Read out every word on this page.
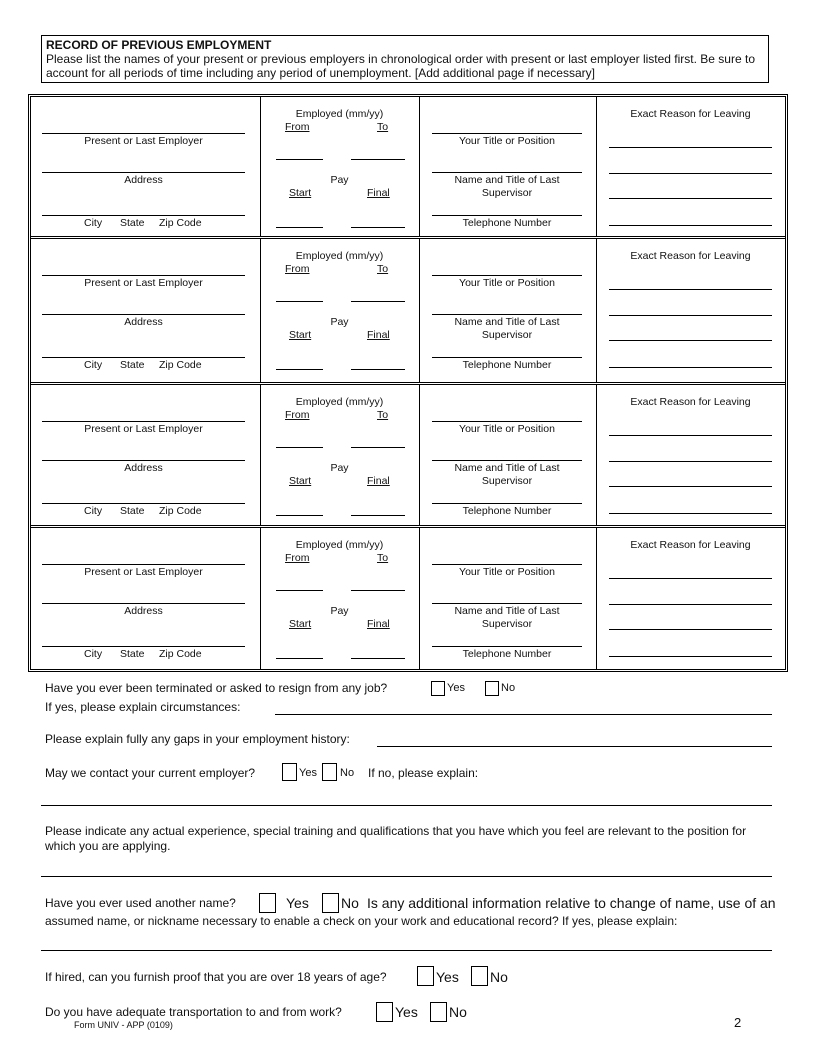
RECORD OF PREVIOUS EMPLOYMENT
Please list the names of your present or previous employers in chronological order with present or last employer listed first. Be sure to account for all periods of time including any period of unemployment. [Add additional page if necessary]
Present or Last Employer
Address
City State Zip Code
Employed (mm/yy)
From	To
Pay
Start	Final
Your Title or Position
Name and Title of Last Supervisor
Telephone Number
Exact Reason for Leaving
Present or Last Employer
Address
City State Zip Code
Employed (mm/yy)
From	To
Pay
Start	Final
Your Title or Position
Name and Title of Last Supervisor
Telephone Number
Exact Reason for Leaving
Present or Last Employer
Address
City State Zip Code
Employed (mm/yy)
From	To
Pay
Start	Final
Your Title or Position
Name and Title of Last Supervisor
Telephone Number
Exact Reason for Leaving
Present or Last Employer
Address
City State Zip Code
Employed (mm/yy)
From	To
Pay
Start	Final
Your Title or Position
Name and Title of Last Supervisor
Telephone Number
Exact Reason for Leaving
Have you ever been terminated or asked to resign from any job?	Yes	No
If yes, please explain circumstances:
Please explain fully any gaps in your employment history:
May we contact your current employer?	Yes No If no, please explain:
Please indicate any actual experience, special training and qualifications that you have which you feel are relevant to the position for which you are applying.
Have you ever used another name?	Yes No Is any additional information relative to change of name, use of an
assumed name, or nickname necessary to enable a check on your work and educational record? If yes, please explain:
If hired, can you furnish proof that you are over 18 years of age?	Yes No
Do you have adequate transportation to and from work?	Yes No
Form UNIV - APP (0109)	2
